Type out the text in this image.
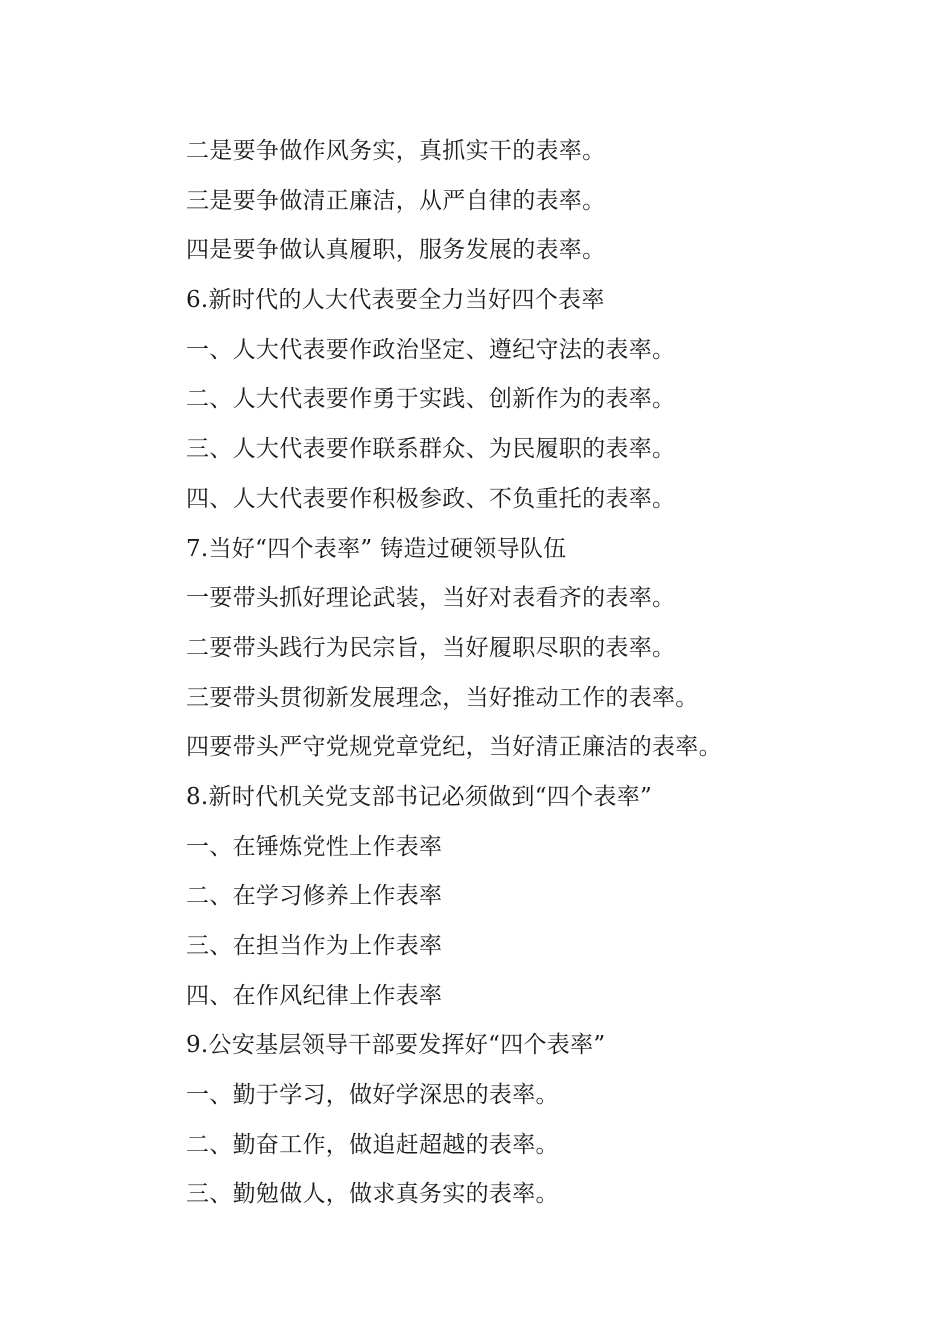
二是要争做作风务实，真抓实干的表率。
三是要争做清正廉洁，从严自律的表率。
四是要争做认真履职，服务发展的表率。
6.新时代的人大代表要全力当好四个表率
一、人大代表要作政治坚定、遵纪守法的表率。
二、人大代表要作勇于实践、创新作为的表率。
三、人大代表要作联系群众、为民履职的表率。
四、人大代表要作积极参政、不负重托的表率。
7.当好“四个表率” 铸造过硬领导队伍
一要带头抓好理论武装，当好对表看齐的表率。
二要带头践行为民宗旨，当好履职尽职的表率。
三要带头贯彻新发展理念，当好推动工作的表率。
四要带头严守党规党章党纪，当好清正廉洁的表率。
8.新时代机关党支部书记必须做到“四个表率”
一、在锤炼党性上作表率
二、在学习修养上作表率
三、在担当作为上作表率
四、在作风纪律上作表率
9.公安基层领导干部要发挥好“四个表率”
一、勤于学习，做好学深思的表率。
二、勤奋工作，做追赶超越的表率。
三、勤勉做人，做求真务实的表率。
